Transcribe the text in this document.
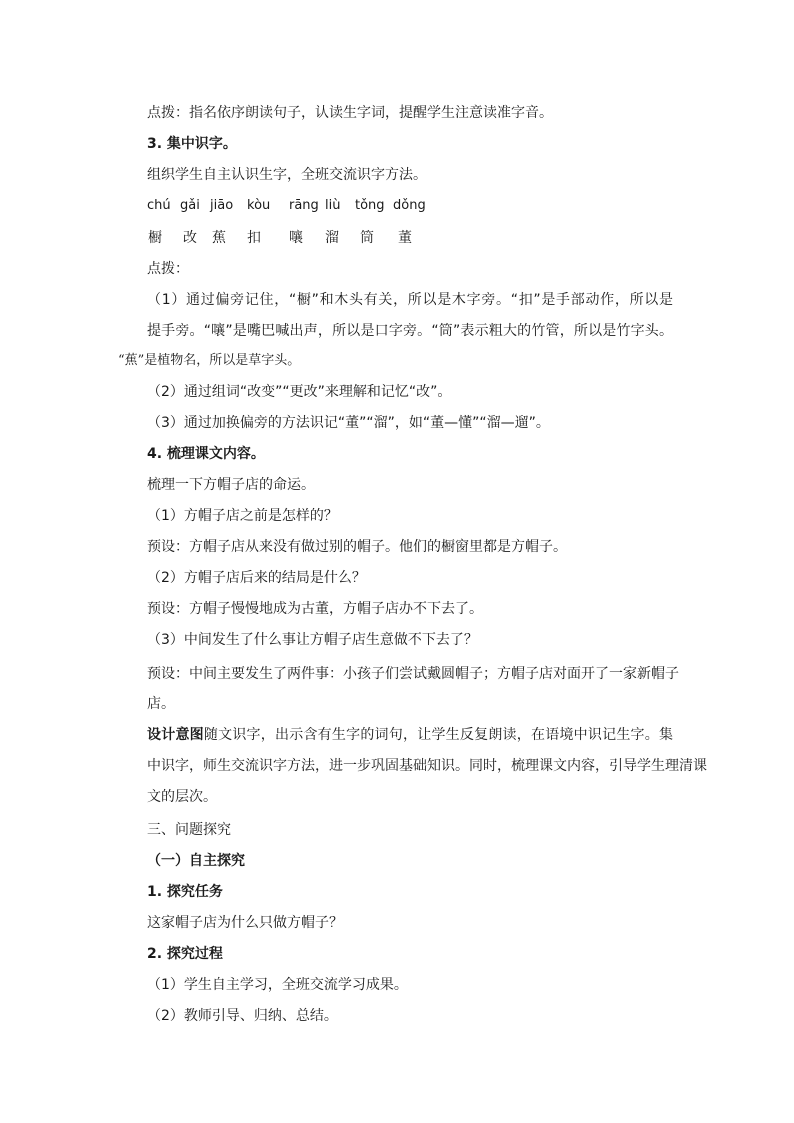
点拨：指名依序朗读句子，认读生字词，提醒学生注意读准字音。
3. 集中识字。
组织学生自主认识生字，全班交流识字方法。
chú gǎi jiāo kòu rāng liù tǒng dǒng
橱 改 蕉 扣 嚷 溜 筒 董
点拨：
（1）通过偏旁记住，“橱”和木头有关，所以是木字旁。“扣”是手部动作，所以是
提手旁。“嚷”是嘴巴喊出声，所以是口字旁。“筒”表示粗大的竹管，所以是竹字头。
“蕉”是植物名，所以是草字头。
（2）通过组词“改变”“更改”来理解和记忆“改”。
（3）通过加换偏旁的方法识记“董”“溜”，如“董—懂”“溜—遛”。
4. 梳理课文内容。
梳理一下方帽子店的命运。
（1）方帽子店之前是怎样的？
预设：方帽子店从来没有做过别的帽子。他们的橱窗里都是方帽子。
（2）方帽子店后来的结局是什么？
预设：方帽子慢慢地成为古董，方帽子店办不下去了。
（3）中间发生了什么事让方帽子店生意做不下去了？
预设：中间主要发生了两件事：小孩子们尝试戴圆帽子；方帽子店对面开了一家新帽子
店。
设计意图随文识字，出示含有生字的词句，让学生反复朗读，在语境中识记生字。集
中识字，师生交流识字方法，进一步巩固基础知识。同时，梳理课文内容，引导学生理清课
文的层次。
三、问题探究
（一）自主探究
1. 探究任务
这家帽子店为什么只做方帽子？
2. 探究过程
（1）学生自主学习，全班交流学习成果。
（2）教师引导、归纳、总结。
